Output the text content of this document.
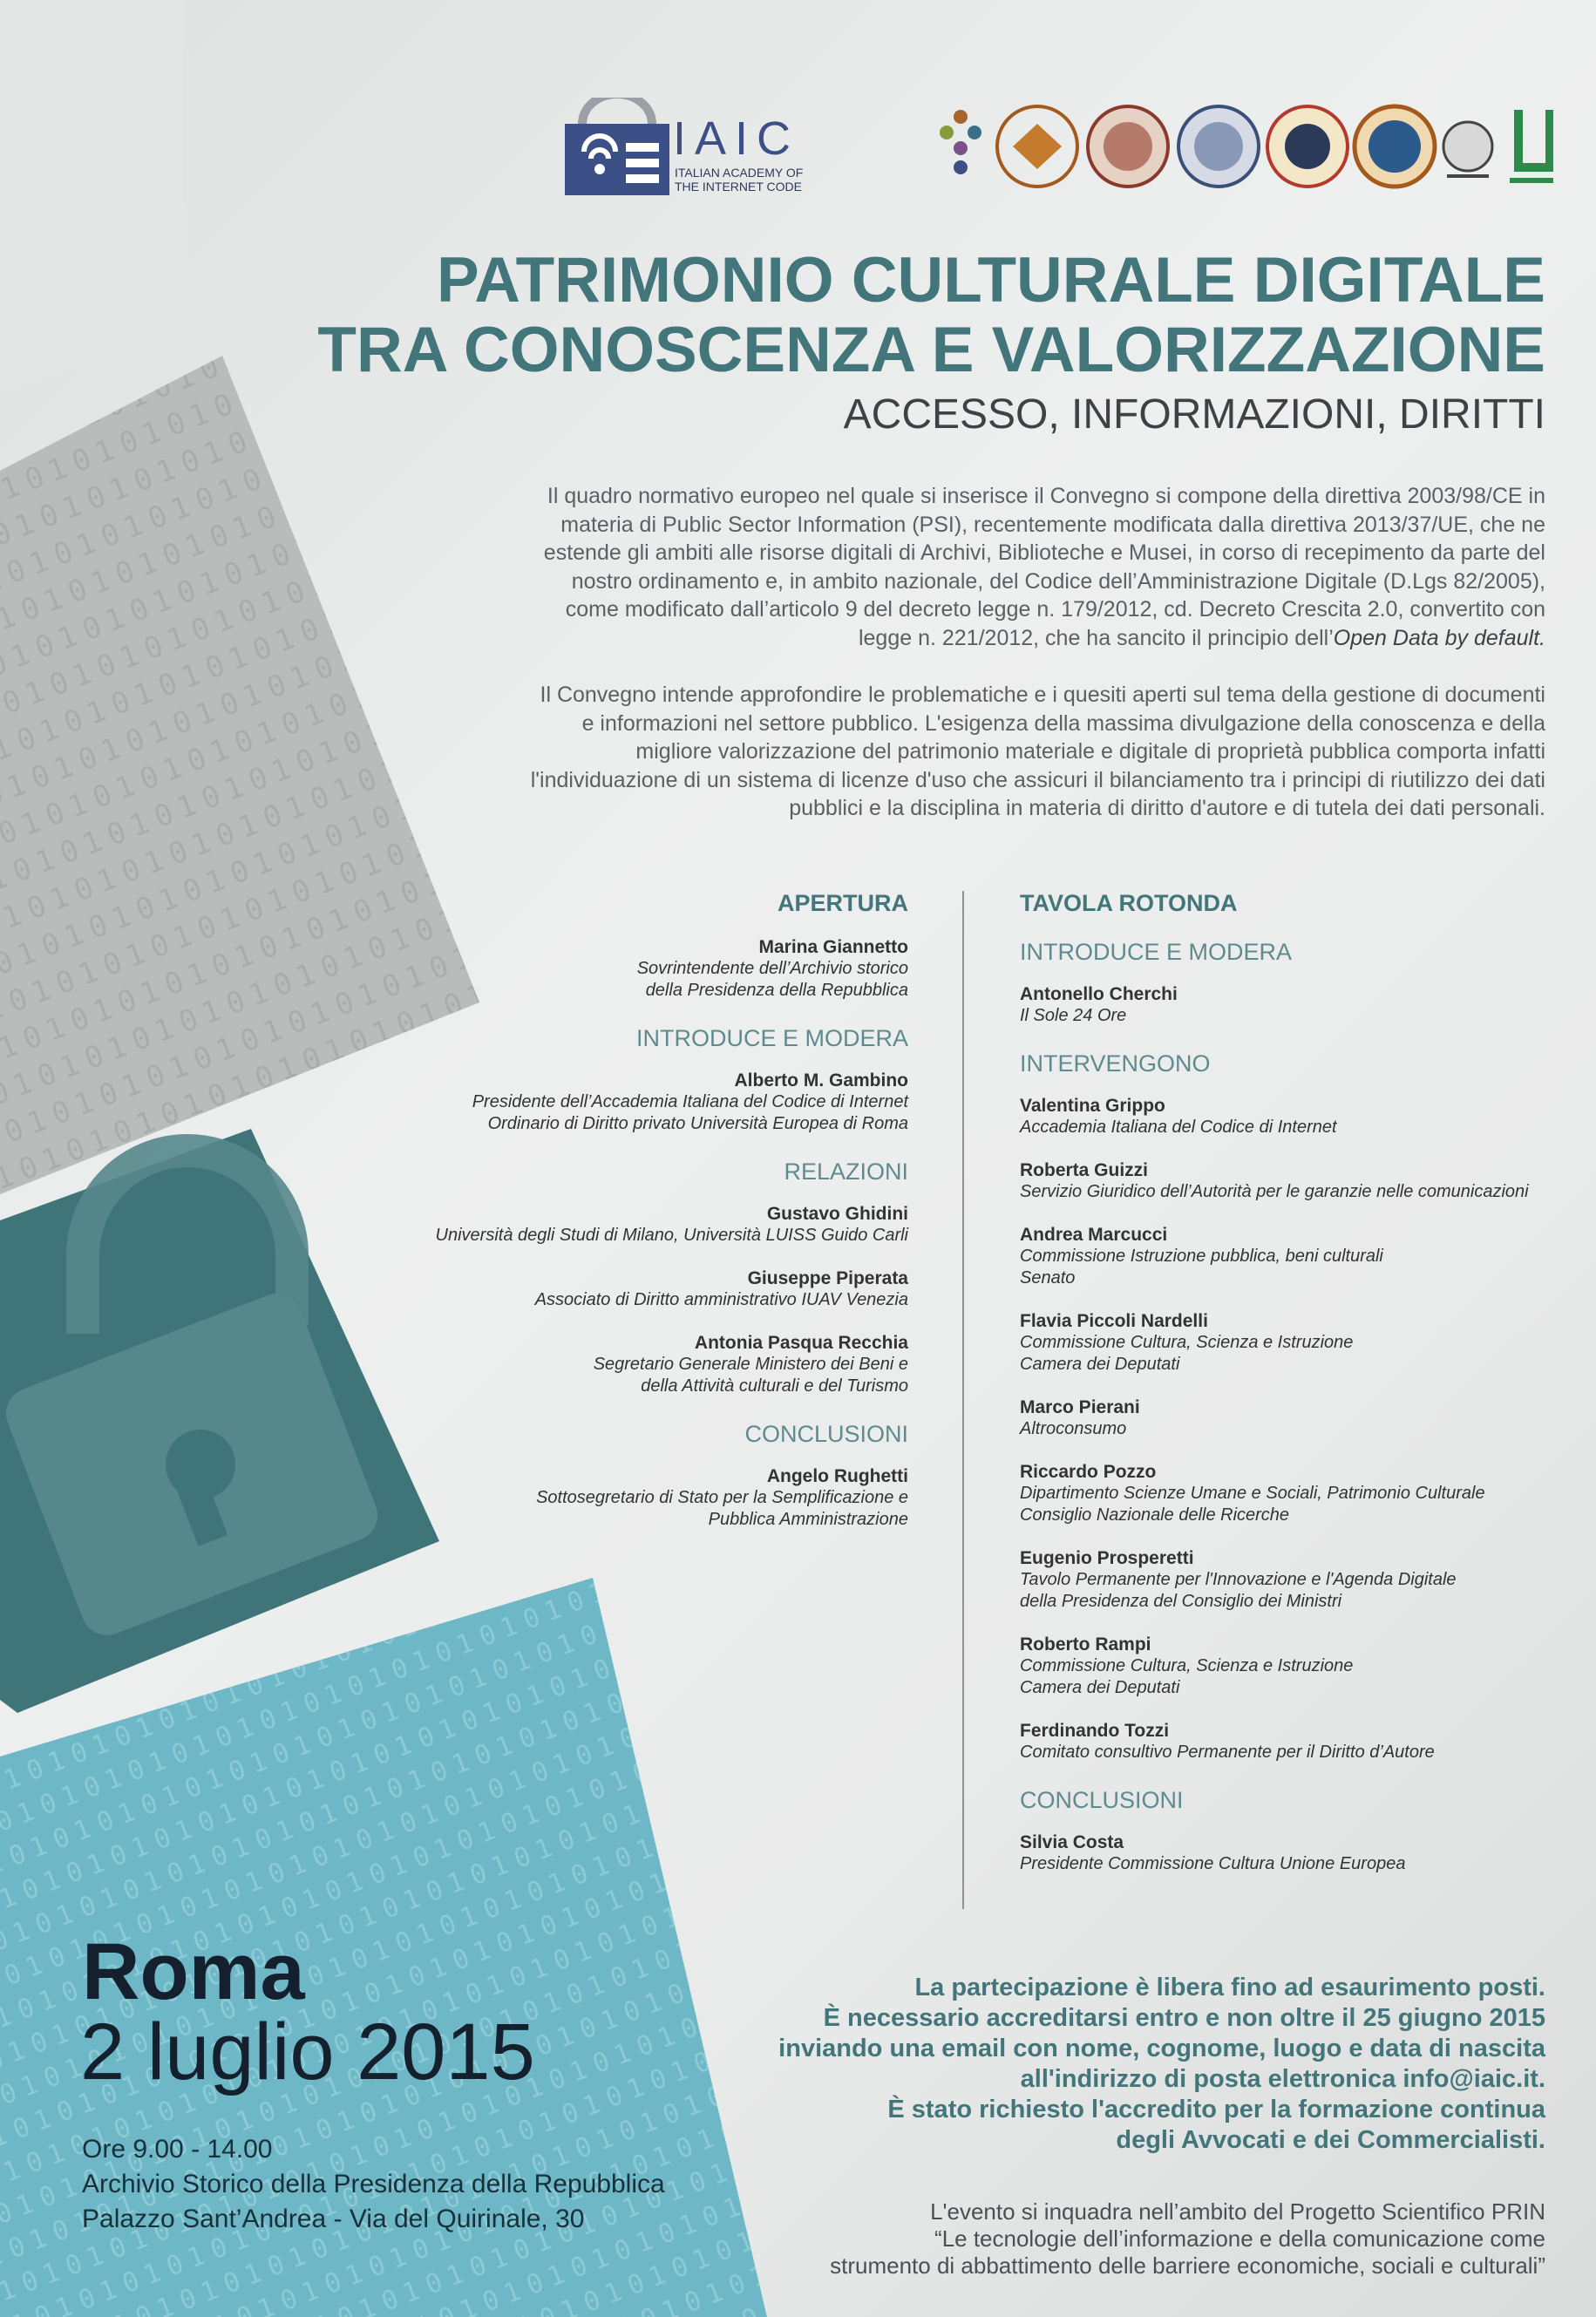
IAIC
ITALIAN ACADEMY OF THE INTERNET CODE
PATRIMONIO CULTURALE DIGITALE
TRA CONOSCENZA E VALORIZZAZIONE
ACCESSO, INFORMAZIONI, DIRITTI

Il quadro normativo europeo nel quale si inserisce il Convegno si compone della direttiva 2003/98/CE in
materia di Public Sector Information (PSI), recentemente modificata dalla direttiva 2013/37/UE, che ne
estende gli ambiti alle risorse digitali di Archivi, Biblioteche e Musei, in corso di recepimento da parte del
nostro ordinamento e, in ambito nazionale, del Codice dell’Amministrazione Digitale (D.Lgs 82/2005),
come modificato dall’articolo 9 del decreto legge n. 179/2012, cd. Decreto Crescita 2.0, convertito con
legge n. 221/2012, che ha sancito il principio dell’Open Data by default.

Il Convegno intende approfondire le problematiche e i quesiti aperti sul tema della gestione di documenti
e informazioni nel settore pubblico. L'esigenza della massima divulgazione della conoscenza e della
migliore valorizzazione del patrimonio materiale e digitale di proprietà pubblica comporta infatti
l'individuazione di un sistema di licenze d'uso che assicuri il bilanciamento tra i principi di riutilizzo dei dati
pubblici e la disciplina in materia di diritto d'autore e di tutela dei dati personali.

APERTURA
Marina Giannetto
Sovrintendente dell’Archivio storico
della Presidenza della Repubblica
INTRODUCE E MODERA
Alberto M. Gambino
Presidente dell’Accademia Italiana del Codice di Internet
Ordinario di Diritto privato Università Europea di Roma
RELAZIONI
Gustavo Ghidini
Università degli Studi di Milano, Università LUISS Guido Carli
Giuseppe Piperata
Associato di Diritto amministrativo IUAV Venezia
Antonia Pasqua Recchia
Segretario Generale Ministero dei Beni e
della Attività culturali e del Turismo
CONCLUSIONI
Angelo Rughetti
Sottosegretario di Stato per la Semplificazione e
Pubblica Amministrazione
TAVOLA ROTONDA
INTRODUCE E MODERA
Antonello Cherchi
Il Sole 24 Ore
INTERVENGONO
Valentina Grippo
Accademia Italiana del Codice di Internet
Roberta Guizzi
Servizio Giuridico dell’Autorità per le garanzie nelle comunicazioni
Andrea Marcucci
Commissione Istruzione pubblica, beni culturali
Senato
Flavia Piccoli Nardelli
Commissione Cultura, Scienza e Istruzione
Camera dei Deputati
Marco Pierani
Altroconsumo
Riccardo Pozzo
Dipartimento Scienze Umane e Sociali, Patrimonio Culturale
Consiglio Nazionale delle Ricerche
Eugenio Prosperetti
Tavolo Permanente per l'Innovazione e l'Agenda Digitale
della Presidenza del Consiglio dei Ministri
Roberto Rampi
Commissione Cultura, Scienza e Istruzione
Camera dei Deputati
Ferdinando Tozzi
Comitato consultivo Permanente per il Diritto d’Autore
CONCLUSIONI
Silvia Costa
Presidente Commissione Cultura Unione Europea
Roma
2 luglio 2015
Ore 9.00 - 14.00
Archivio Storico della Presidenza della Repubblica
Palazzo Sant’Andrea - Via del Quirinale, 30

La partecipazione è libera fino ad esaurimento posti.

È necessario accreditarsi entro e non oltre il 25 giugno 2015

inviando una email con nome, cognome, luogo e data di nascita

all'indirizzo di posta elettronica info@iaic.it.

È stato richiesto l'accredito per la formazione continua

degli Avvocati e dei Commercialisti.

L'evento si inquadra nell’ambito del Progetto Scientifico PRIN

“Le tecnologie dell’informazione e della comunicazione come

strumento di abbattimento delle barriere economiche, sociali e culturali”
